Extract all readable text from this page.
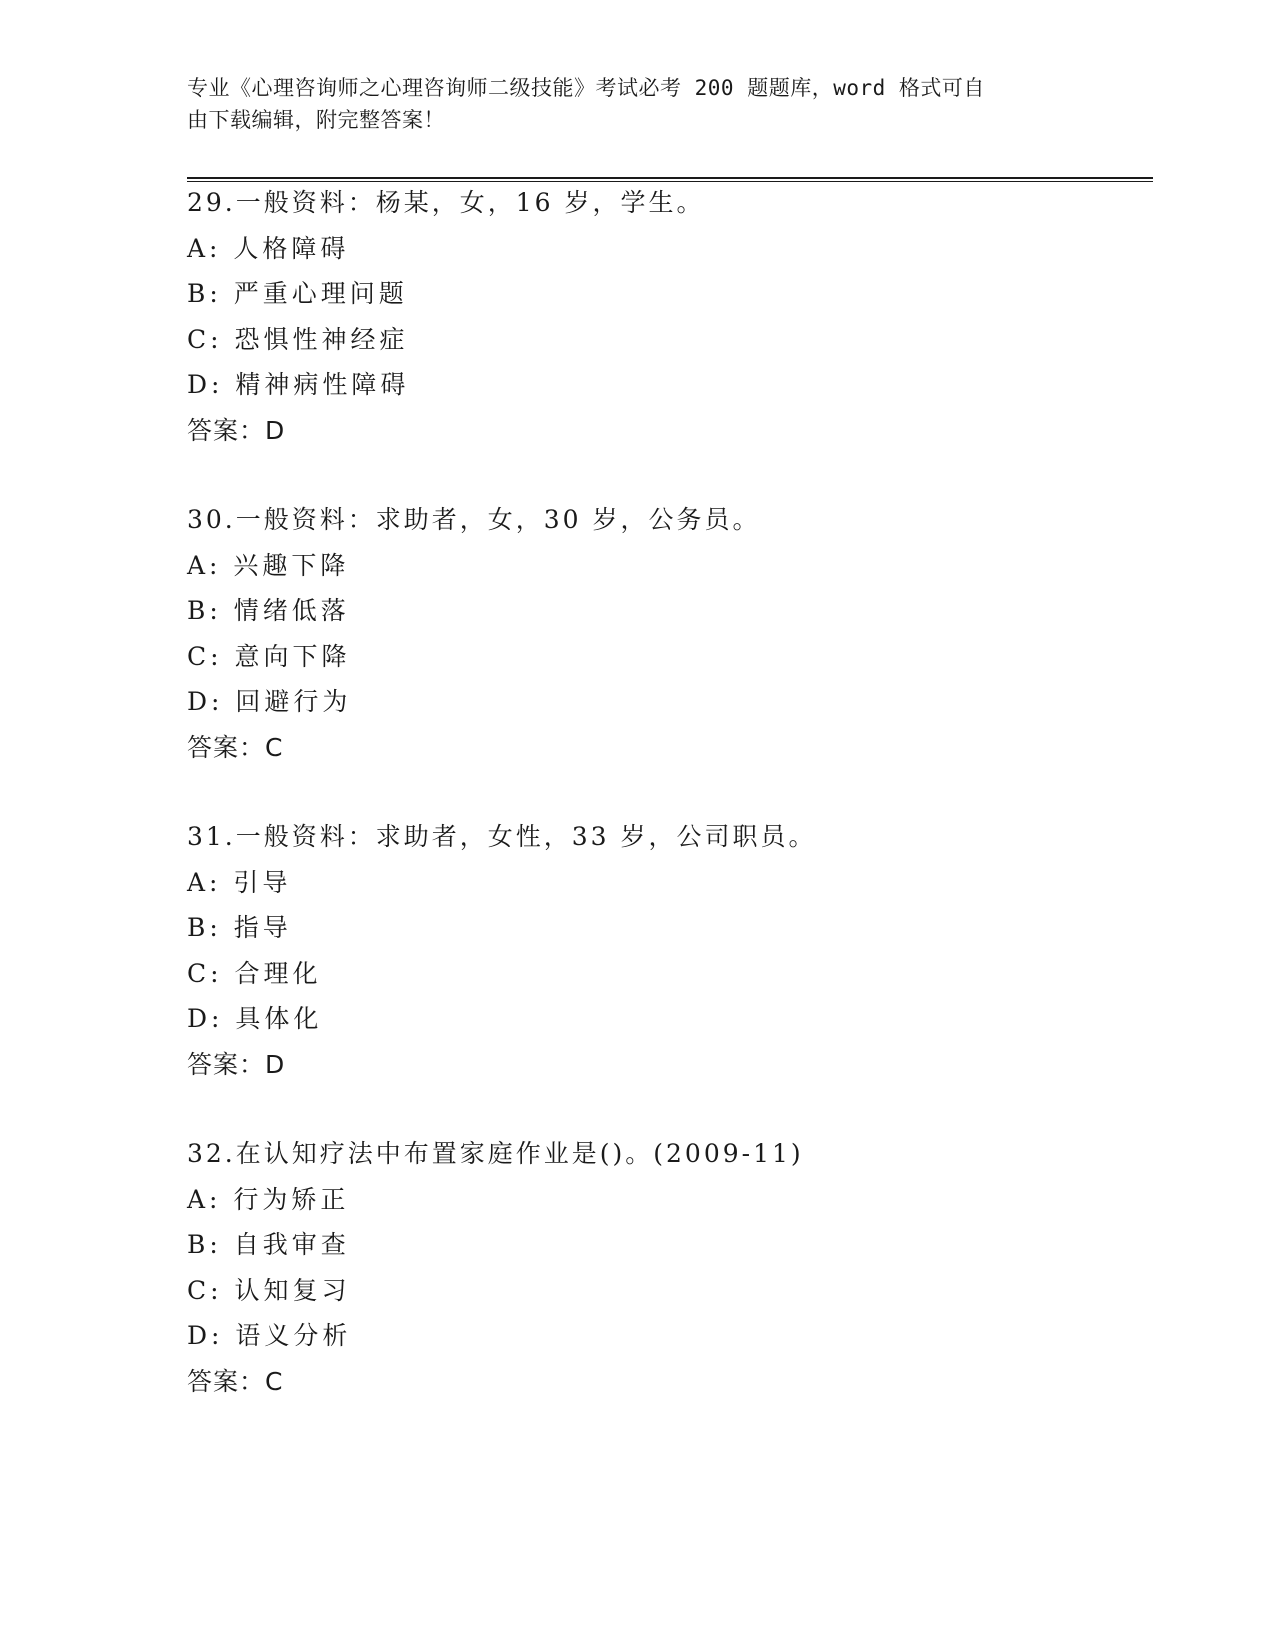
专业《心理咨询师之心理咨询师二级技能》考试必考 200 题题库，word 格式可自
由下载编辑，附完整答案！
29.一般资料：杨某，女，16 岁，学生。
A: 人格障碍
B: 严重心理问题
C: 恐惧性神经症
D: 精神病性障碍
答案：D
30.一般资料：求助者，女，30 岁，公务员。
A: 兴趣下降
B: 情绪低落
C: 意向下降
D: 回避行为
答案：C
31.一般资料：求助者，女性，33 岁，公司职员。
A: 引导
B: 指导
C: 合理化
D: 具体化
答案：D
32.在认知疗法中布置家庭作业是()。(2009-11)
A: 行为矫正
B: 自我审查
C: 认知复习
D: 语义分析
答案：C
